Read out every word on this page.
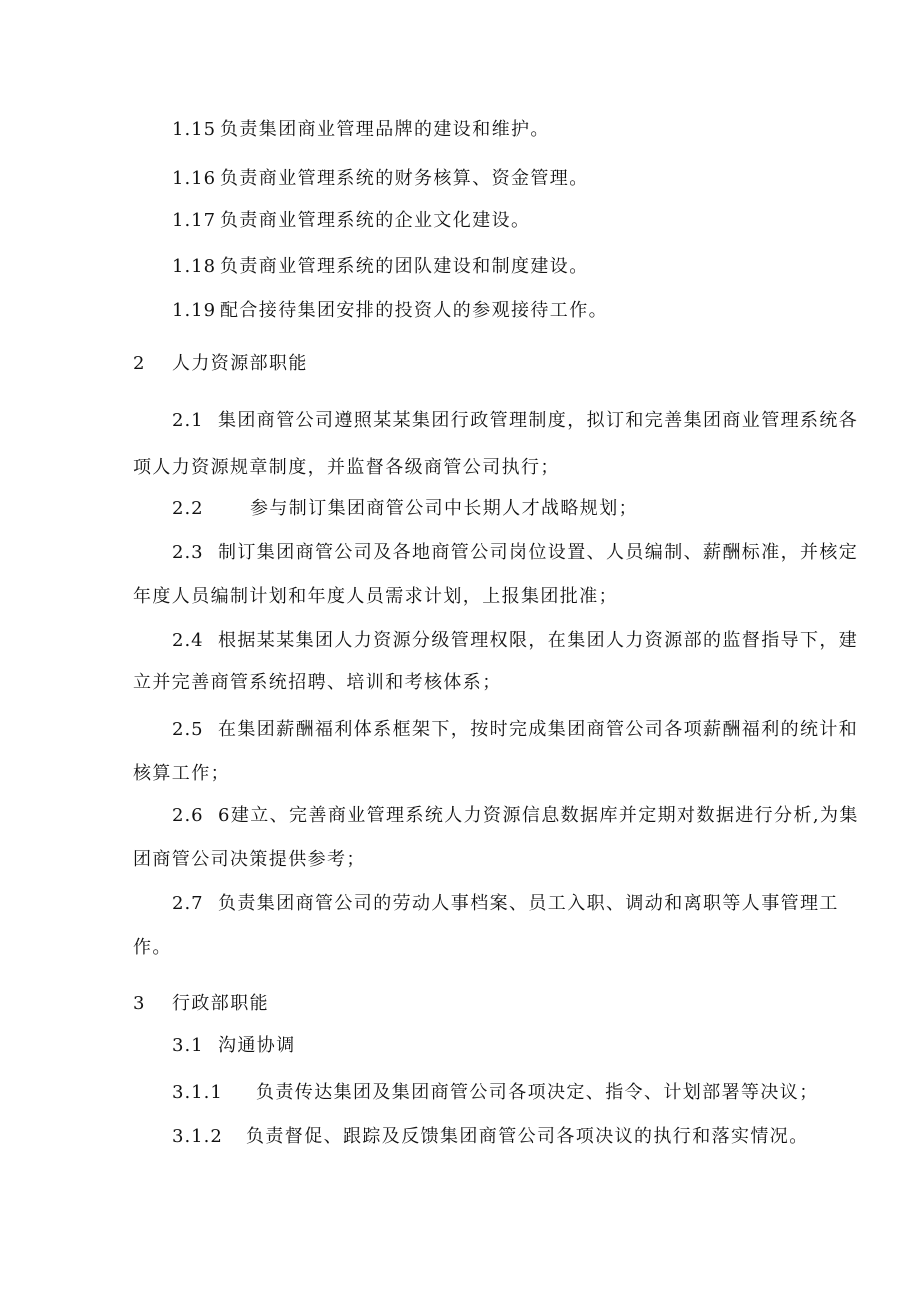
1.15 负责集团商业管理品牌的建设和维护。
1.16 负责商业管理系统的财务核算、资金管理。
1.17 负责商业管理系统的企业文化建设。
1.18 负责商业管理系统的团队建设和制度建设。
1.19 配合接待集团安排的投资人的参观接待工作。
2 人力资源部职能
2.1 集团商管公司遵照某某集团行政管理制度，拟订和完善集团商业管理系统各
项人力资源规章制度，并监督各级商管公司执行；
2.2	参与制订集团商管公司中长期人才战略规划；
2.3 制订集团商管公司及各地商管公司岗位设置、人员编制、薪酬标准，并核定
年度人员编制计划和年度人员需求计划，上报集团批准；
2.4 根据某某集团人力资源分级管理权限，在集团人力资源部的监督指导下，建
立并完善商管系统招聘、培训和考核体系；
2.5 在集团薪酬福利体系框架下，按时完成集团商管公司各项薪酬福利的统计和
核算工作；
2.6 6建立、完善商业管理系统人力资源信息数据库并定期对数据进行分析,为集
团商管公司决策提供参考；
2.7 负责集团商管公司的劳动人事档案、员工入职、调动和离职等人事管理工
作。
3 行政部职能
3.1 沟通协调
3.1.1 负责传达集团及集团商管公司各项决定、指令、计划部署等决议；
3.1.2 负责督促、跟踪及反馈集团商管公司各项决议的执行和落实情况。
